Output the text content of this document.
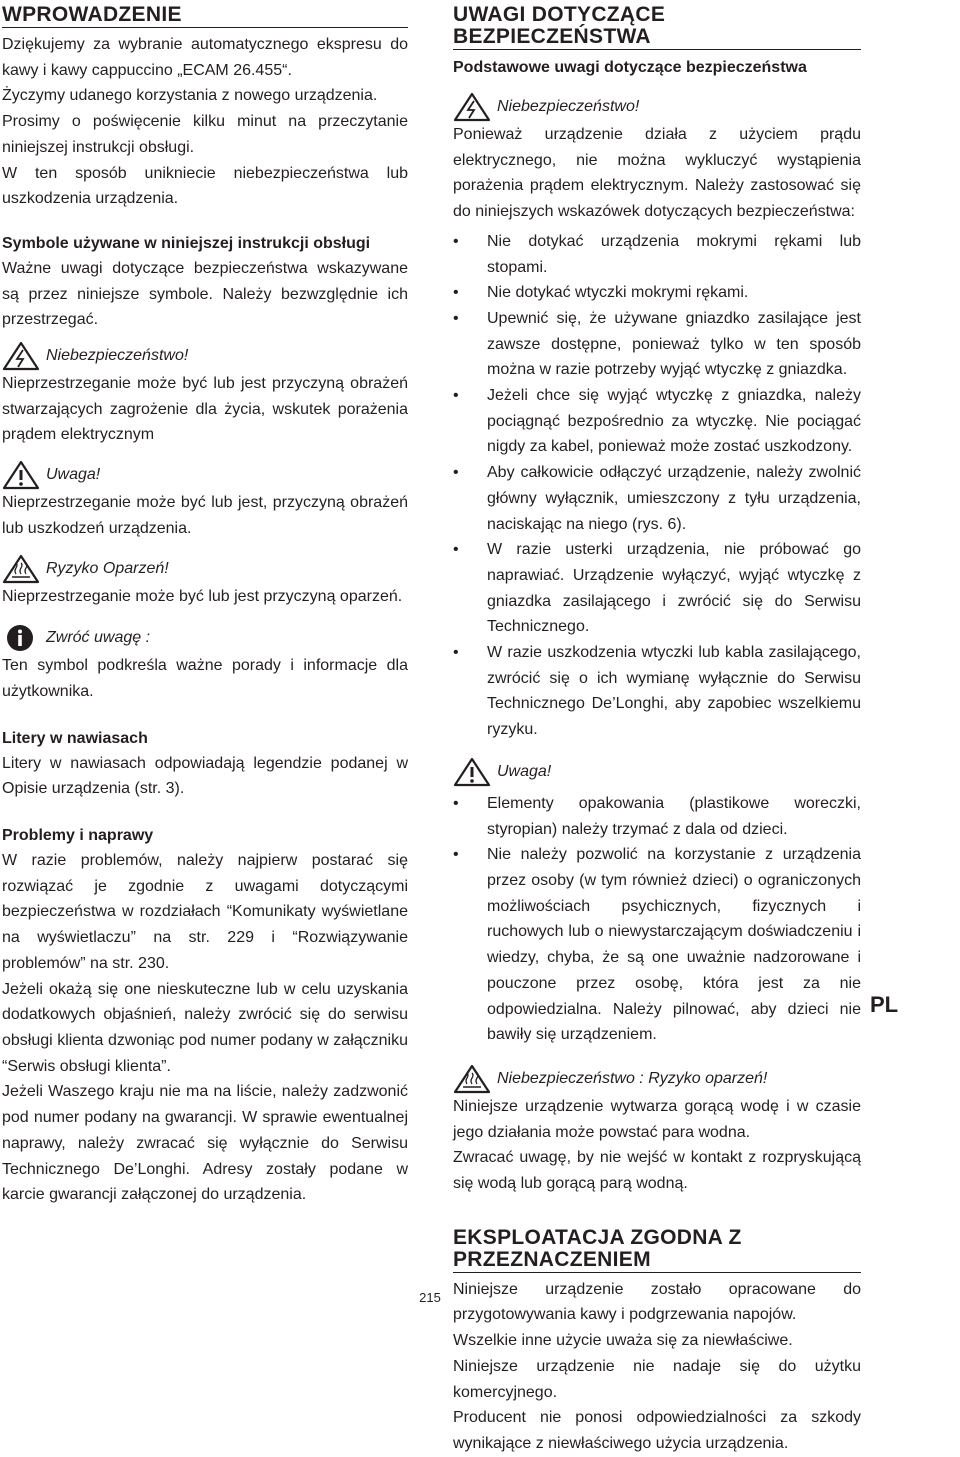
WPROWADZENIE

Dziękujemy za wybranie automatycznego ekspresu do kawy i kawy cappuccino „ECAM 26.455“.

Życzymy udanego korzystania z nowego urządzenia.

Prosimy o poświęcenie kilku minut na przeczytanie niniejszej instrukcji obsługi.

W ten sposób unikniecie niebezpieczeństwa lub uszkodzenia urządzenia.

Symbole używane w niniejszej instrukcji obsługi

Ważne uwagi dotyczące bezpieczeństwa wskazywane są przez niniejsze symbole. Należy bezwzględnie ich przestrzegać.

Niebezpieczeństwo!

Nieprzestrzeganie może być lub jest przyczyną obrażeń stwarzających zagrożenie dla życia, wskutek porażenia prądem elektrycznym

Uwaga!

Nieprzestrzeganie może być lub jest, przyczyną obrażeń lub uszkodzeń urządzenia.

Ryzyko Oparzeń!

Nieprzestrzeganie może być lub jest przyczyną oparzeń.

Zwróć uwagę :

Ten symbol podkreśla ważne porady i informacje dla użytkownika.

Litery w nawiasach

Litery w nawiasach odpowiadają legendzie podanej w Opisie urządzenia (str. 3).

Problemy i naprawy

W razie problemów, należy najpierw postarać się rozwiązać je zgodnie z uwagami dotyczącymi bezpieczeństwa w rozdziałach “Komunikaty wyświetlane na wyświetlaczu” na str. 229 i “Rozwiązywanie problemów” na str. 230.

Jeżeli okażą się one nieskuteczne lub w celu uzyskania dodatkowych objaśnień, należy zwrócić się do serwisu obsługi klienta dzwoniąc pod numer podany w załączniku “Serwis obsługi klienta”.

Jeżeli Waszego kraju nie ma na liście, należy zadzwonić pod numer podany na gwarancji. W sprawie ewentualnej naprawy, należy zwracać się wyłącznie do Serwisu Technicznego De’Longhi. Adresy zostały podane w karcie gwarancji załączonej do urządzenia.

UWAGI DOTYCZĄCE BEZPIECZEŃSTWA
Podstawowe uwagi dotyczące bezpieczeństwa
Niebezpieczeństwo!

Ponieważ urządzenie działa z użyciem prądu elektrycznego, nie można wykluczyć wystąpienia porażenia prądem elektrycznym. Należy zastosować się do niniejszych wskazówek dotyczących bezpieczeństwa:

• Nie dotykać urządzenia mokrymi rękami lub stopami.
• Nie dotykać wtyczki mokrymi rękami.
• Upewnić się, że używane gniazdko zasilające jest zawsze dostępne, ponieważ tylko w ten sposób można w razie potrzeby wyjąć wtyczkę z gniazdka.
• Jeżeli chce się wyjąć wtyczkę z gniazdka, należy pociągnąć bezpośrednio za wtyczkę. Nie pociągać nigdy za kabel, ponieważ może zostać uszkodzony.
• Aby całkowicie odłączyć urządzenie, należy zwolnić główny wyłącznik, umieszczony z tyłu urządzenia, naciskając na niego (rys. 6).
• W razie usterki urządzenia, nie próbować go naprawiać. Urządzenie wyłączyć, wyjąć wtyczkę z gniazdka zasilającego i zwrócić się do Serwisu Technicznego.
• W razie uszkodzenia wtyczki lub kabla zasilającego, zwrócić się o ich wymianę wyłącznie do Serwisu Technicznego De’Longhi, aby zapobiec wszelkiemu ryzyku.
Uwaga!
• Elementy opakowania (plastikowe woreczki, styropian) należy trzymać z dala od dzieci.
• Nie należy pozwolić na korzystanie z urządzenia przez osoby (w tym również dzieci) o ograniczonych możliwościach psychicznych, fizycznych i ruchowych lub o niewystarczającym doświadczeniu i wiedzy, chyba, że są one uważnie nadzorowane i pouczone przez osobę, która jest za nie odpowiedzialna. Należy pilnować, aby dzieci nie bawiły się urządzeniem.
Niebezpieczeństwo : Ryzyko oparzeń!

Niniejsze urządzenie wytwarza gorącą wodę i w czasie jego działania może powstać para wodna.

Zwracać uwagę, by nie wejść w kontakt z rozpryskującą się wodą lub gorącą parą wodną.

EKSPLOATACJA ZGODNA Z PRZEZNACZENIEM

Niniejsze urządzenie zostało opracowane do przygotowywania kawy i podgrzewania napojów.

Wszelkie inne użycie uważa się za niewłaściwe.

Niniejsze urządzenie nie nadaje się do użytku komercyjnego.

Producent nie ponosi odpowiedzialności za szkody wynikające z niewłaściwego użycia urządzenia.

PL
215
